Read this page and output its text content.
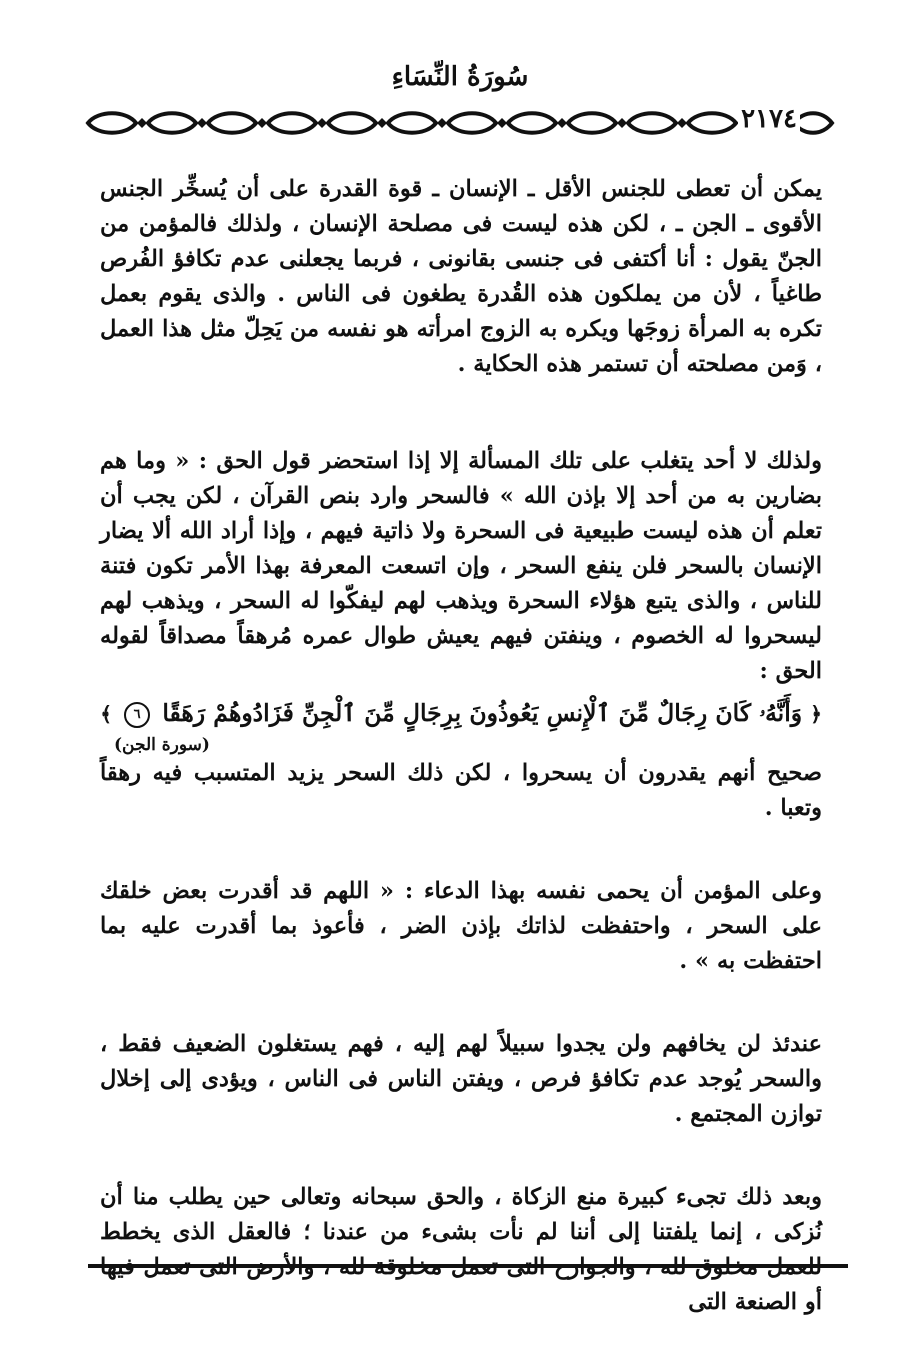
سُورَةُ النِّسَاءِ
٢١٧٤

يمكن أن تعطى للجنس الأقل ـ الإنسان ـ قوة القدرة على أن يُسخِّر الجنس الأقوى ـ الجن ـ ، لكن هذه ليست فى مصلحة الإنسان ، ولذلك فالمؤمن من الجنّ يقول : أنا أكتفى فى جنسى بقانونى ، فربما يجعلنى عدم تكافؤ الفُرص طاغياً ، لأن من يملكون هذه القُدرة يطغون فى الناس . والذى يقوم بعمل تكره به المرأة زوجَها ويكره به الزوج امرأته هو نفسه من يَحِلّ مثل هذا العمل ، وَمن مصلحته أن تستمر هذه الحكاية .

ولذلك لا أحد يتغلب على تلك المسألة إلا إذا استحضر قول الحق : « وما هم بضارين به من أحد إلا بإذن الله » فالسحر وارد بنص القرآن ، لكن يجب أن تعلم أن هذه ليست طبيعية فى السحرة ولا ذاتية فيهم ، وإذا أراد الله ألا يضار الإنسان بالسحر فلن ينفع السحر ، وإن اتسعت المعرفة بهذا الأمر تكون فتنة للناس ، والذى يتبع هؤلاء السحرة ويذهب لهم ليفكّوا له السحر ، ويذهب لهم ليسحروا له الخصوم ، وينفتن فيهم يعيش طوال عمره مُرهقاً مصداقاً لقوله الحق :

﴿ وَأَنَّهُۥ كَانَ رِجَالٌ مِّنَ ٱلْإِنسِ يَعُوذُونَ بِرِجَالٍ مِّنَ ٱلْجِنِّ فَزَادُوهُمْ رَهَقًا ٦ ﴾
(سورة الجن)

صحيح أنهم يقدرون أن يسحروا ، لكن ذلك السحر يزيد المتسبب فيه رهقاً وتعبا .

وعلى المؤمن أن يحمى نفسه بهذا الدعاء : « اللهم قد أقدرت بعض خلقك على السحر ، واحتفظت لذاتك بإذن الضر ، فأعوذ بما أقدرت عليه بما احتفظت به » .

عندئذ لن يخافهم ولن يجدوا سبيلاً لهم إليه ، فهم يستغلون الضعيف فقط ، والسحر يُوجد عدم تكافؤ فرص ، ويفتن الناس فى الناس ، ويؤدى إلى إخلال توازن المجتمع .

وبعد ذلك تجىء كبيرة منع الزكاة ، والحق سبحانه وتعالى حين يطلب منا أن نُزكى ، إنما يلفتنا إلى أننا لم نأت بشىء من عندنا ؛ فالعقل الذى يخطط أو الصنعة التى
